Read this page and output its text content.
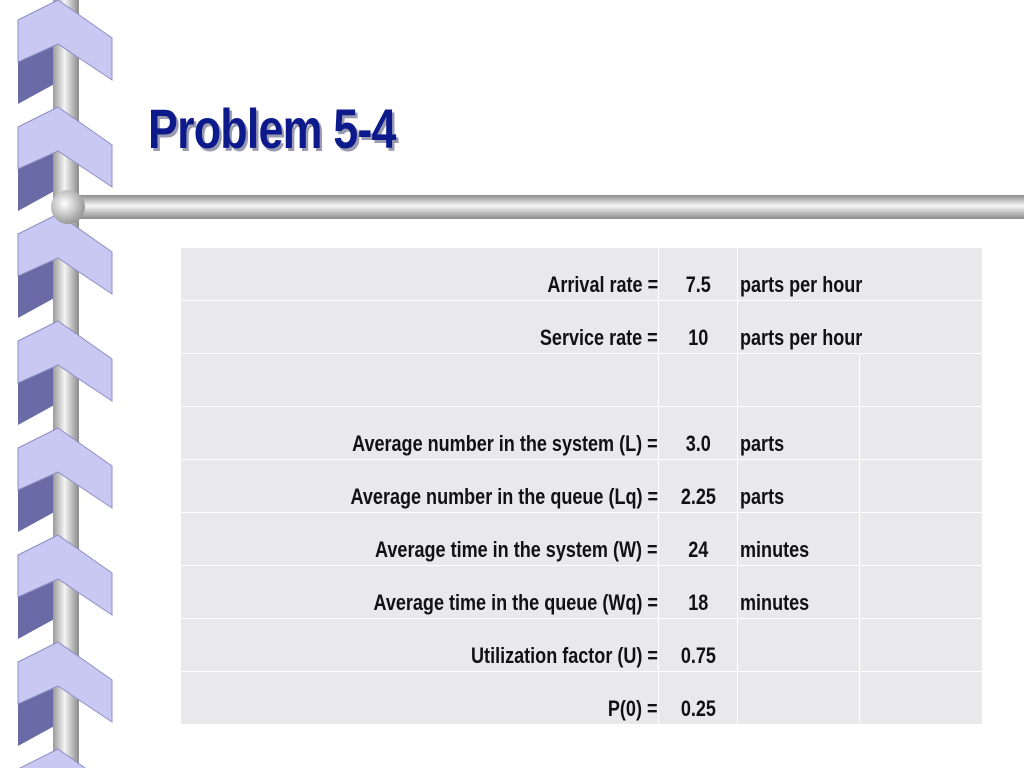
Problem 5-4
Arrival rate =	7.5	parts per hour	
Service rate =	10	parts per hour	

Average number in the system (L) =	3.0	parts	
Average number in the queue (Lq) =	2.25	parts	
Average time in the system (W) =	24	minutes	
Average time in the queue (Wq) =	18	minutes	
Utilization factor (U) =	0.75		
P(0) =	0.25		
